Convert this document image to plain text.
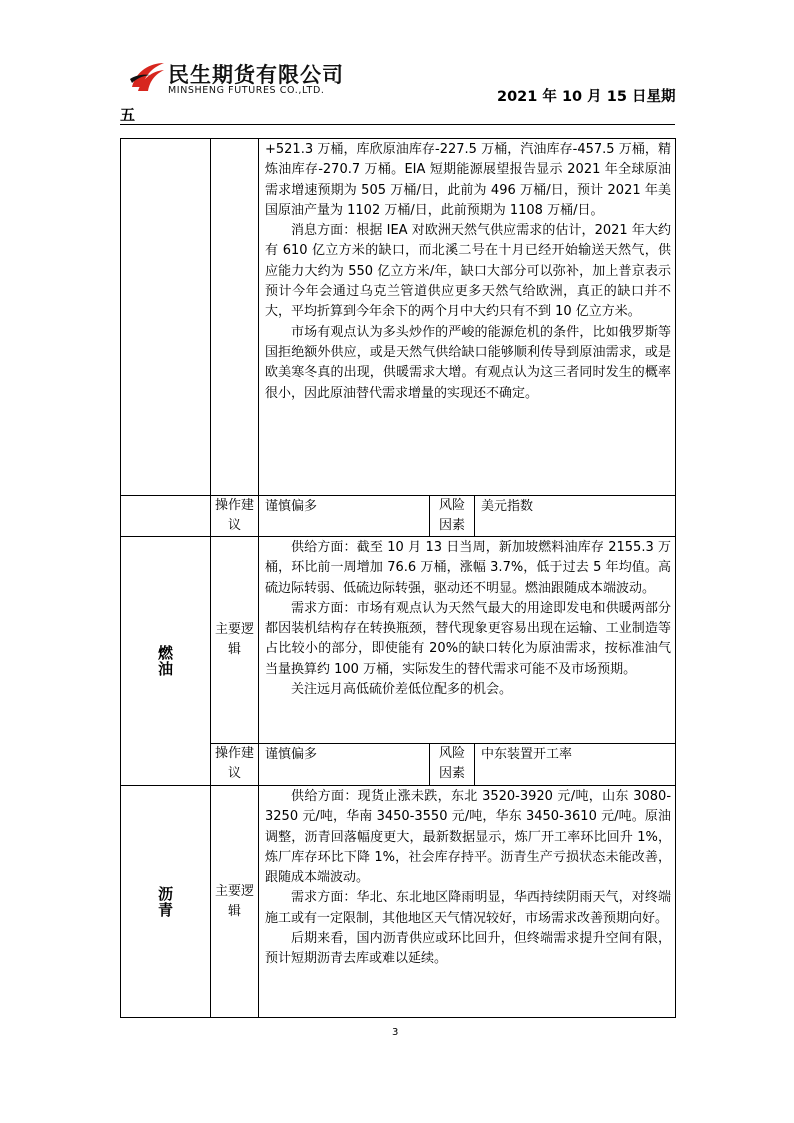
民生期货有限公司
MINSHENG FUTURES CO.,LTD.	2021 年 10 月 15 日星期
五

		+521.3 万桶，库欣原油库存-227.5 万桶，汽油库存-457.5 万桶，精炼油库存-270.7 万桶。EIA 短期能源展望报告显示 2021 年全球原油需求增速预期为 505 万桶/日，此前为 496 万桶/日，预计 2021 年美国原油产量为 1102 万桶/日，此前预期为 1108 万桶/日。

消息方面：根据 IEA 对欧洲天然气供应需求的估计，2021 年大约有 610 亿立方米的缺口，而北溪二号在十月已经开始输送天然气，供应能力大约为 550 亿立方米/年，缺口大部分可以弥补，加上普京表示预计今年会通过乌克兰管道供应更多天然气给欧洲，真正的缺口并不大，平均折算到今年余下的两个月中大约只有不到 10 亿立方米。

市场有观点认为多头炒作的严峻的能源危机的条件，比如俄罗斯等国拒绝额外供应，或是天然气供给缺口能够顺利传导到原油需求，或是欧美寒冬真的出现，供暖需求大增。有观点认为这三者同时发生的概率很小，因此原油替代需求增量的实现还不确定。		

	操作建议	谨慎偏多	风险因素	美元指数
燃油	主要逻辑	供给方面：截至 10 月 13 日当周，新加坡燃料油库存 2155.3 万桶，环比前一周增加 76.6 万桶，涨幅 3.7%，低于过去 5 年均值。高硫边际转弱、低硫边际转强，驱动还不明显。燃油跟随成本端波动。

需求方面：市场有观点认为天然气最大的用途即发电和供暖两部分都因装机结构存在转换瓶颈，替代现象更容易出现在运输、工业制造等占比较小的部分，即使能有 20%的缺口转化为原油需求，按标准油气当量换算约 100 万桶，实际发生的替代需求可能不及市场预期。

关注远月高低硫价差低位配多的机会。		

	操作建议	谨慎偏多	风险因素	中东装置开工率
沥青	主要逻辑	供给方面：现货止涨未跌，东北 3520-3920 元/吨，山东 3080-3250 元/吨，华南 3450-3550 元/吨，华东 3450-3610 元/吨。原油调整，沥青回落幅度更大，最新数据显示，炼厂开工率环比回升 1%，炼厂库存环比下降 1%，社会库存持平。沥青生产亏损状态未能改善，跟随成本端波动。

需求方面：华北、东北地区降雨明显，华西持续阴雨天气，对终端施工或有一定限制，其他地区天气情况较好，市场需求改善预期向好。

后期来看，国内沥青供应或环比回升，但终端需求提升空间有限，预计短期沥青去库或难以延续。		

3
